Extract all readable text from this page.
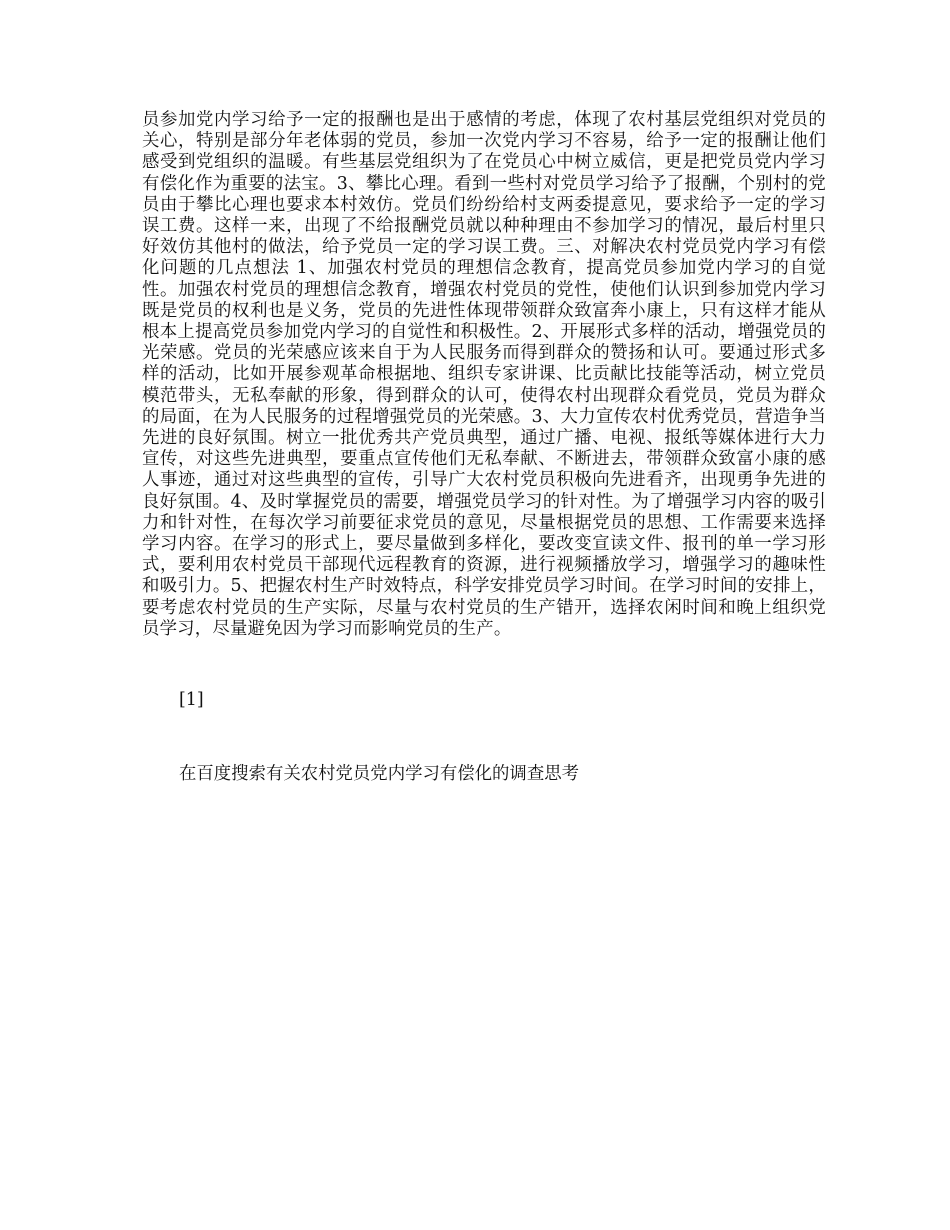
员参加党内学习给予一定的报酬也是出于感情的考虑，体现了农村基层党组织对党员的关心，特别是部分年老体弱的党员，参加一次党内学习不容易，给予一定的报酬让他们感受到党组织的温暖。有些基层党组织为了在党员心中树立威信，更是把党员党内学习有偿化作为重要的法宝。3、攀比心理。看到一些村对党员学习给予了报酬，个别村的党员由于攀比心理也要求本村效仿。党员们纷纷给村支两委提意见，要求给予一定的学习误工费。这样一来，出现了不给报酬党员就以种种理由不参加学习的情况，最后村里只好效仿其他村的做法，给予党员一定的学习误工费。三、对解决农村党员党内学习有偿化问题的几点想法 1、加强农村党员的理想信念教育，提高党员参加党内学习的自觉性。加强农村党员的理想信念教育，增强农村党员的党性，使他们认识到参加党内学习既是党员的权利也是义务，党员的先进性体现带领群众致富奔小康上，只有这样才能从根本上提高党员参加党内学习的自觉性和积极性。2、开展形式多样的活动，增强党员的光荣感。党员的光荣感应该来自于为人民服务而得到群众的赞扬和认可。要通过形式多样的活动，比如开展参观革命根据地、组织专家讲课、比贡献比技能等活动，树立党员模范带头，无私奉献的形象，得到群众的认可，使得农村出现群众看党员，党员为群众的局面，在为人民服务的过程增强党员的光荣感。3、大力宣传农村优秀党员，营造争当先进的良好氛围。树立一批优秀共产党员典型，通过广播、电视、报纸等媒体进行大力宣传，对这些先进典型，要重点宣传他们无私奉献、不断进去，带领群众致富小康的感人事迹，通过对这些典型的宣传，引导广大农村党员积极向先进看齐，出现勇争先进的良好氛围。4、及时掌握党员的需要，增强党员学习的针对性。为了增强学习内容的吸引力和针对性，在每次学习前要征求党员的意见，尽量根据党员的思想、工作需要来选择学习内容。在学习的形式上，要尽量做到多样化，要改变宣读文件、报刊的单一学习形式，要利用农村党员干部现代远程教育的资源，进行视频播放学习，增强学习的趣味性和吸引力。5、把握农村生产时效特点，科学安排党员学习时间。在学习时间的安排上，要考虑农村党员的生产实际，尽量与农村党员的生产错开，选择农闲时间和晚上组织党员学习，尽量避免因为学习而影响党员的生产。

[1]

在百度搜索有关农村党员党内学习有偿化的调查思考
